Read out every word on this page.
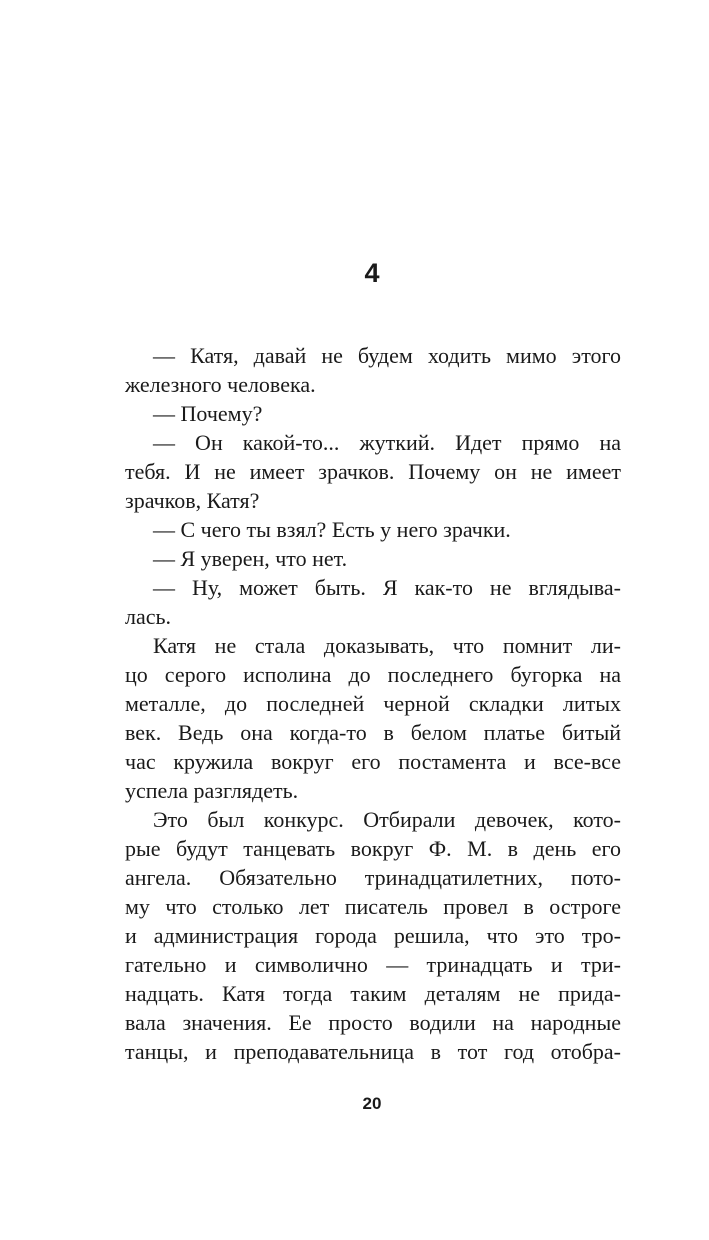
4
— Катя, давай не будем ходить мимо этого
железного человека.
— Почему?
— Он какой-то... жуткий. Идет прямо на
тебя. И не имеет зрачков. Почему он не имеет
зрачков, Катя?
— С чего ты взял? Есть у него зрачки.
— Я уверен, что нет.
— Ну, может быть. Я как-то не вглядыва-
лась.
Катя не стала доказывать, что помнит ли-
цо серого исполина до последнего бугорка на
металле, до последней черной складки литых
век. Ведь она когда-то в белом платье битый
час кружила вокруг его постамента и все-все
успела разглядеть.
Это был конкурс. Отбирали девочек, кото-
рые будут танцевать вокруг Ф. М. в день его
ангела. Обязательно тринадцатилетних, пото-
му что столько лет писатель провел в остроге
и администрация города решила, что это тро-
гательно и символично — тринадцать и три-
надцать. Катя тогда таким деталям не прида-
вала значения. Ее просто водили на народные
танцы, и преподавательница в тот год отобра-
20
